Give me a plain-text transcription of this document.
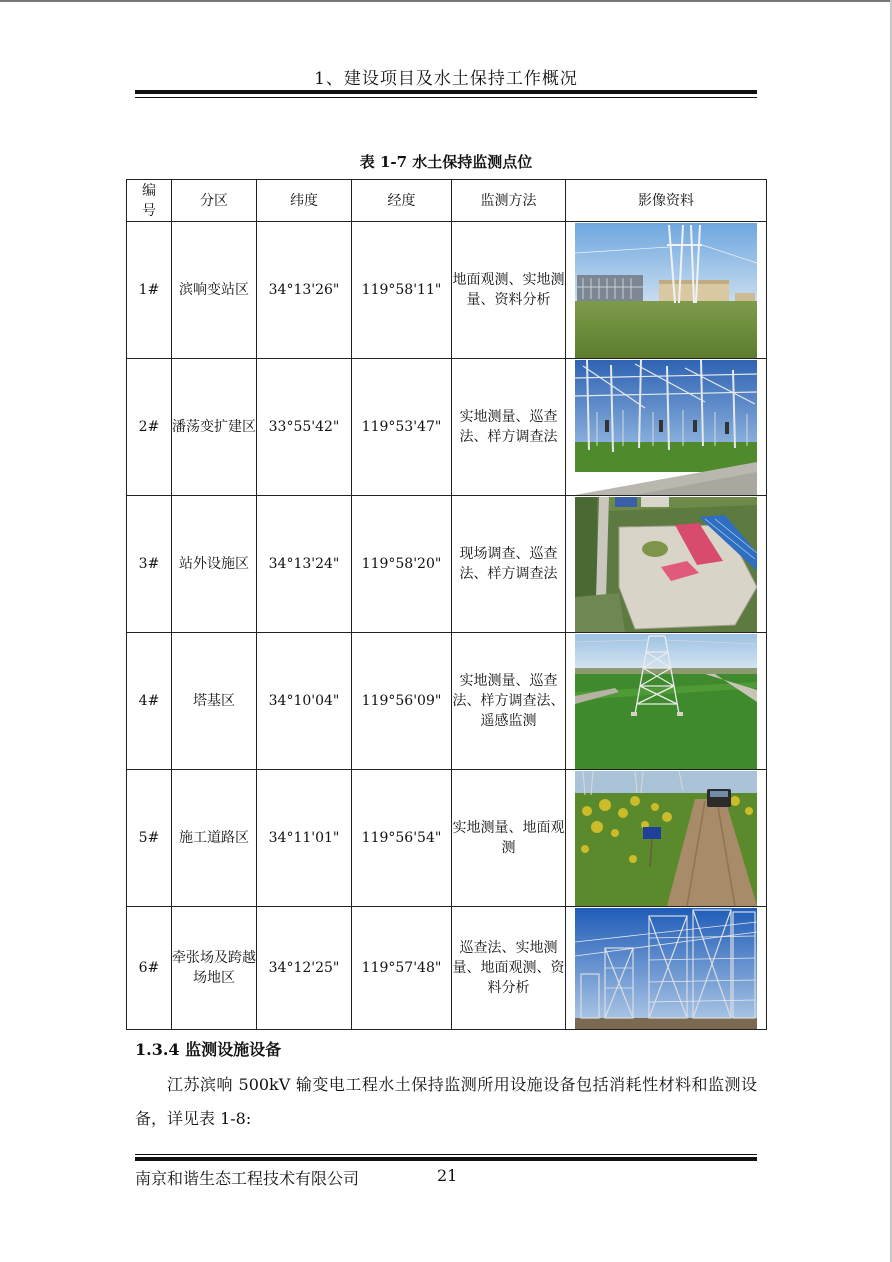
1、建设项目及水土保持工作概况
表 1-7 水土保持监测点位
编号	分区	纬度	经度	监测方法	影像资料
1#	滨响变站区	34°13'26"	119°58'11"	地面观测、实地测量、资料分析	

2#	潘荡变扩建区	33°55'42"	119°53'47"	实地测量、巡查法、样方调查法	

3#	站外设施区	34°13'24"	119°58'20"	现场调查、巡查法、样方调查法	

4#	塔基区	34°10'04"	119°56'09"	实地测量、巡查法、样方调查法、遥感监测	

5#	施工道路区	34°11'01"	119°56'54"	实地测量、地面观测	

6#	牵张场及跨越场地区	34°12'25"	119°57'48"	巡查法、实地测量、地面观测、资料分析	
1.3.4 监测设施设备
江苏滨响 500kV 输变电工程水土保持监测所用设施设备包括消耗性材料和监测设备，详见表 1-8:
南京和谐生态工程技术有限公司	21
